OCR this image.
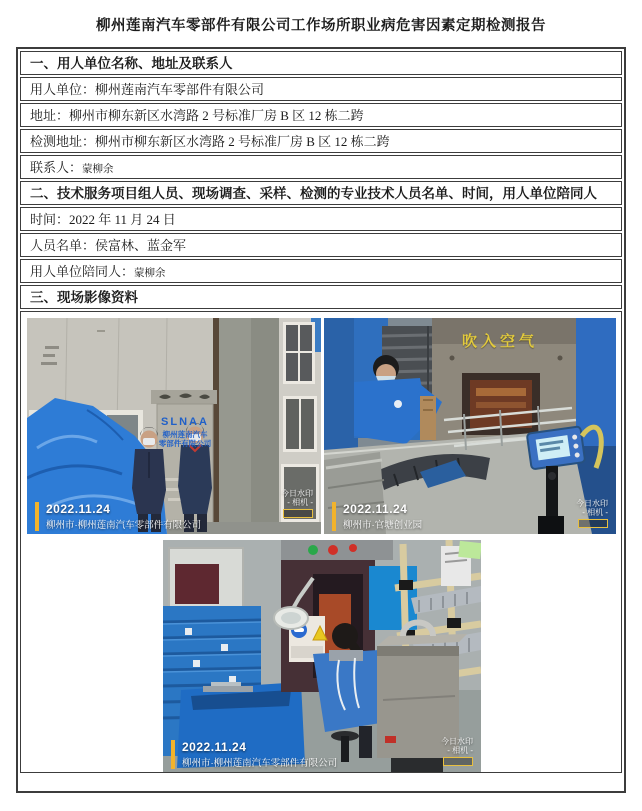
柳州莲南汽车零部件有限公司工作场所职业病危害因素定期检测报告
一、用人单位名称、地址及联系人
用人单位：柳州莲南汽车零部件有限公司
地址：柳州市柳东新区水湾路 2 号标准厂房 B 区 12 栋二跨
检测地址：柳州市柳东新区水湾路 2 号标准厂房 B 区 12 栋二跨
联系人：蒙柳余
二、技术服务项目组人员、现场调查、采样、检测的专业技术人员名单、时间，用人单位陪同人
时间：2022 年 11 月 24 日
人员名单：侯富林、蓝金军
用人单位陪同人：蒙柳余
三、现场影像资料
SLNAA
柳州莲南汽车
零部件有限公司
2022.11.24
柳州市·柳州莲南汽车零部件有限公司
今日水印
- 相机 -
吹入空气
2022.11.24
柳州市·官塘创业园
今日水印
- 相机 -
2022.11.24
柳州市·柳州莲南汽车零部件有限公司
今日水印
- 相机 -
